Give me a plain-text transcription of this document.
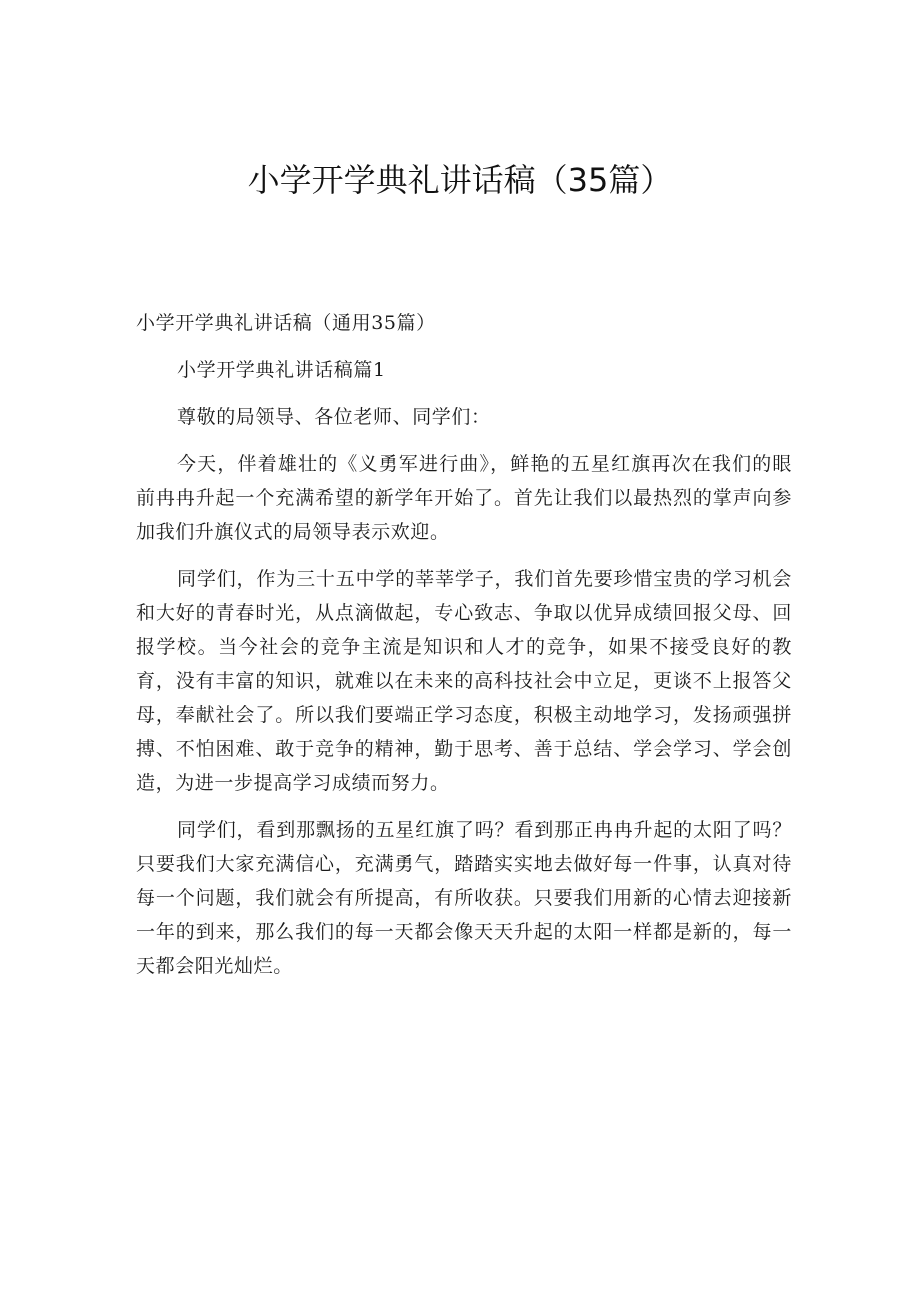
小学开学典礼讲话稿（35篇）

小学开学典礼讲话稿（通用35篇）

小学开学典礼讲话稿篇1

尊敬的局领导、各位老师、同学们：

今天，伴着雄壮的《义勇军进行曲》，鲜艳的五星红旗再次在我们的眼前冉冉升起一个充满希望的新学年开始了。首先让我们以最热烈的掌声向参加我们升旗仪式的局领导表示欢迎。

同学们，作为三十五中学的莘莘学子，我们首先要珍惜宝贵的学习机会和大好的青春时光，从点滴做起，专心致志、争取以优异成绩回报父母、回报学校。当今社会的竞争主流是知识和人才的竞争，如果不接受良好的教育，没有丰富的知识，就难以在未来的高科技社会中立足，更谈不上报答父母，奉献社会了。所以我们要端正学习态度，积极主动地学习，发扬顽强拼搏、不怕困难、敢于竞争的精神，勤于思考、善于总结、学会学习、学会创造，为进一步提高学习成绩而努力。

同学们，看到那飘扬的五星红旗了吗？看到那正冉冉升起的太阳了吗？只要我们大家充满信心，充满勇气，踏踏实实地去做好每一件事，认真对待每一个问题，我们就会有所提高，有所收获。只要我们用新的心情去迎接新一年的到来，那么我们的每一天都会像天天升起的太阳一样都是新的，每一天都会阳光灿烂。
